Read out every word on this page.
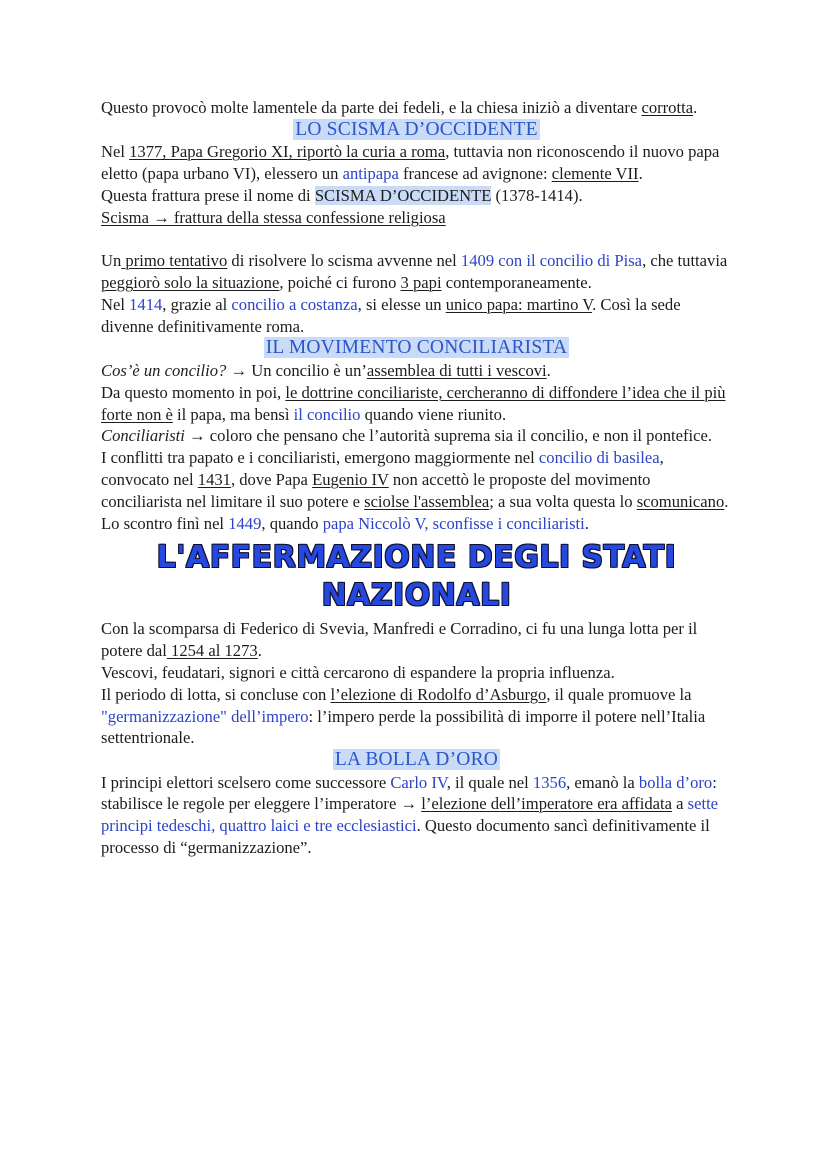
Questo provocò molte lamentele da parte dei fedeli, e la chiesa iniziò a diventare corrotta.

LO SCISMA D’OCCIDENTE

Nel 1377, Papa Gregorio XI, riportò la curia a roma, tuttavia non riconoscendo il nuovo papa eletto (papa urbano VI), elessero un antipapa francese ad avignone: clemente VII.

Questa frattura prese il nome di SCISMA D’OCCIDENTE (1378-1414).

Scisma → frattura della stessa confessione religiosa

Un primo tentativo di risolvere lo scisma avvenne nel 1409 con il concilio di Pisa, che tuttavia peggiorò solo la situazione, poiché ci furono 3 papi contemporaneamente.

Nel 1414, grazie al concilio a costanza, si elesse un unico papa: martino V. Così la sede divenne definitivamente roma.

IL MOVIMENTO CONCILIARISTA

Cos’è un concilio? → Un concilio è un’assemblea di tutti i vescovi.

Da questo momento in poi, le dottrine conciliariste, cercheranno di diffondere l’idea che il più forte non è il papa, ma bensì il concilio quando viene riunito.

Conciliaristi → coloro che pensano che l’autorità suprema sia il concilio, e non il pontefice.

I conflitti tra papato e i conciliaristi, emergono maggiormente nel concilio di basilea, convocato nel 1431, dove Papa Eugenio IV non accettò le proposte del movimento conciliarista nel limitare il suo potere e sciolse l'assemblea; a sua volta questa lo scomunicano.

Lo scontro finì nel 1449, quando papa Niccolò V, sconfisse i conciliaristi.

L'AFFERMAZIONE DEGLI STATI
NAZIONALI

Con la scomparsa di Federico di Svevia, Manfredi e Corradino, ci fu una lunga lotta per il potere dal 1254 al 1273.

Vescovi, feudatari, signori e città cercarono di espandere la propria influenza.

Il periodo di lotta, si concluse con l’elezione di Rodolfo d’Asburgo, il quale promuove la "germanizzazione" dell’impero: l’impero perde la possibilità di imporre il potere nell’Italia settentrionale.

LA BOLLA D’ORO

I principi elettori scelsero come successore Carlo IV, il quale nel 1356, emanò la bolla d’oro: stabilisce le regole per eleggere l’imperatore → l’elezione dell’imperatore era affidata a sette principi tedeschi, quattro laici e tre ecclesiastici. Questo documento sancì definitivamente il processo di “germanizzazione”.
